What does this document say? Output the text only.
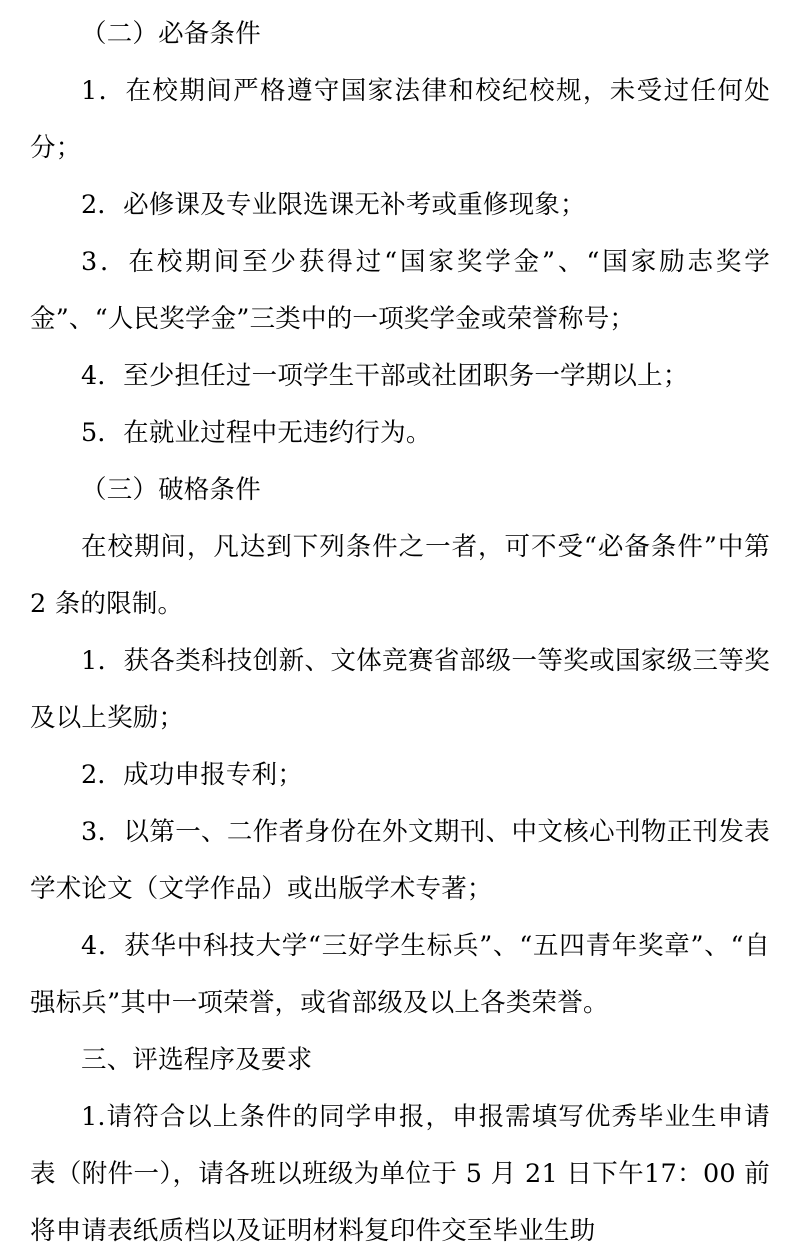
（二）必备条件

1．在校期间严格遵守国家法律和校纪校规，未受过任何处分；

2．必修课及专业限选课无补考或重修现象；

3．在校期间至少获得过“国家奖学金”、“国家励志奖学金”、“人民奖学金”三类中的一项奖学金或荣誉称号；

4．至少担任过一项学生干部或社团职务一学期以上；

5．在就业过程中无违约行为。

（三）破格条件

在校期间，凡达到下列条件之一者，可不受“必备条件”中第 2 条的限制。

1．获各类科技创新、文体竞赛省部级一等奖或国家级三等奖及以上奖励；

2．成功申报专利；

3．以第一、二作者身份在外文期刊、中文核心刊物正刊发表学术论文（文学作品）或出版学术专著；

4．获华中科技大学“三好学生标兵”、“五四青年奖章”、“自强标兵”其中一项荣誉，或省部级及以上各类荣誉。

三、评选程序及要求

1.请符合以上条件的同学申报，申报需填写优秀毕业生申请表（附件一），请各班以班级为单位于 5 月 21 日下午17：00 前将申请表纸质档以及证明材料复印件交至毕业生助
